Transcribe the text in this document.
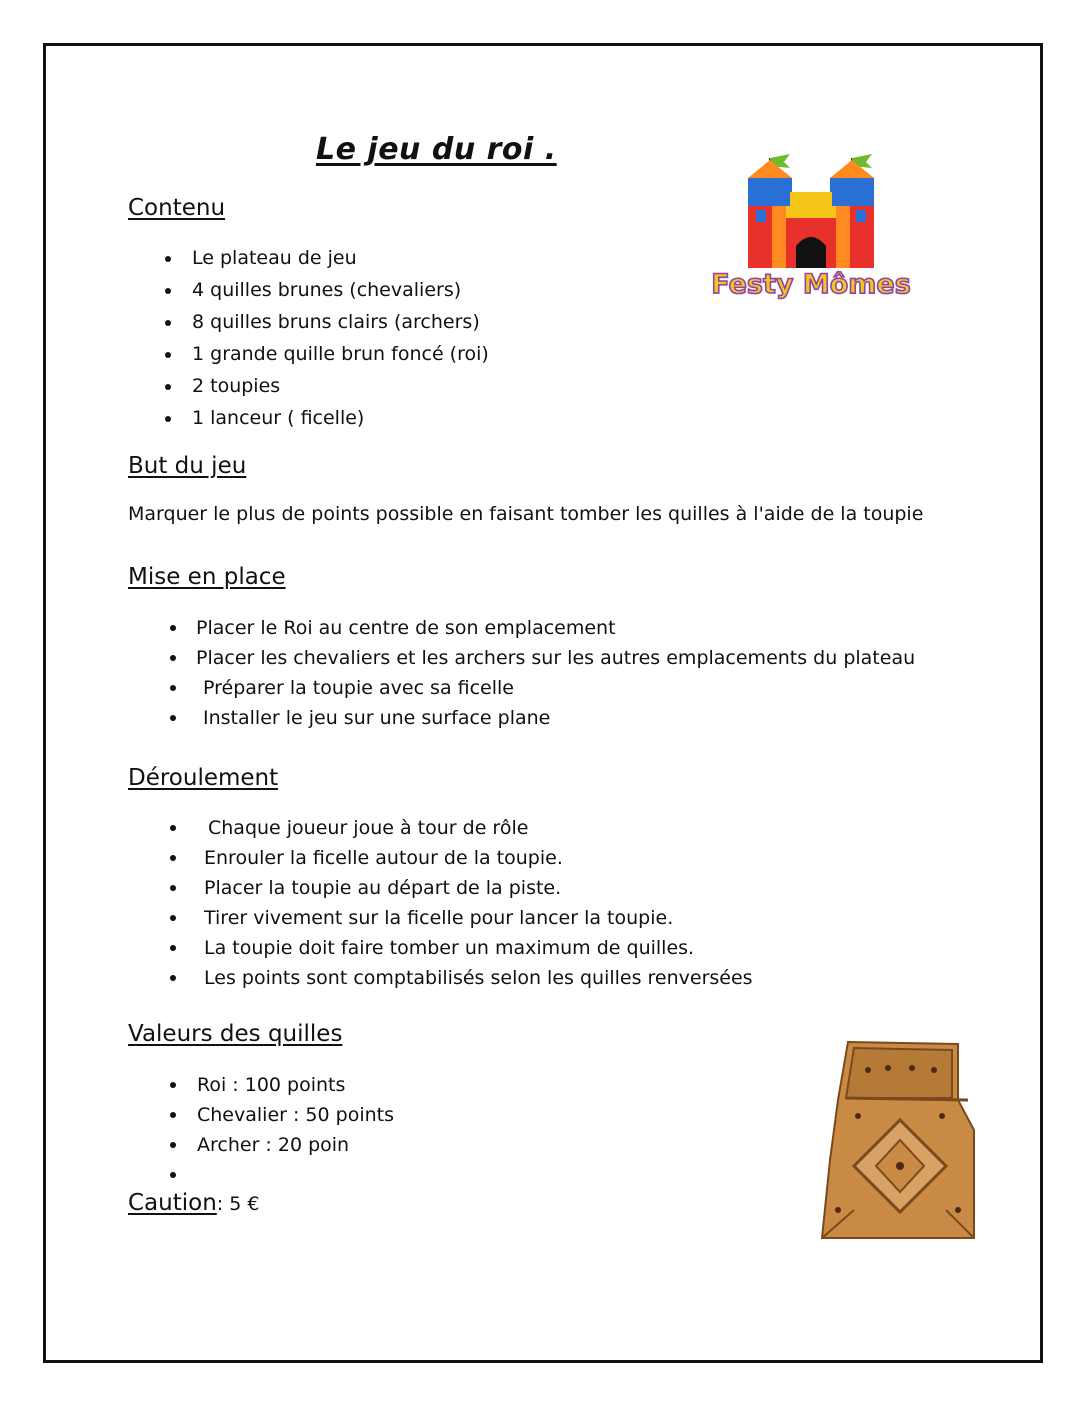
Le jeu du roi .
Festy Mômes
Contenu
Le plateau de jeu
4 quilles brunes (chevaliers)
8 quilles bruns clairs (archers)
1 grande quille brun foncé (roi)
2 toupies
1 lanceur ( ficelle)
But du jeu

Marquer le plus de points possible en faisant tomber les quilles à l'aide de la toupie

Mise en place
Placer le Roi au centre de son emplacement
Placer les chevaliers et les archers sur les autres emplacements du plateau
Préparer la toupie avec sa ficelle
Installer le jeu sur une surface plane
Déroulement
Chaque joueur joue à tour de rôle
Enrouler la ficelle autour de la toupie.
Placer la toupie au départ de la piste.
Tirer vivement sur la ficelle pour lancer la toupie.
La toupie doit faire tomber un maximum de quilles.
Les points sont comptabilisés selon les quilles renversées
Valeurs des quilles
Roi : 100 points
Chevalier : 50 points
Archer : 20 poin
Caution: 5 €
